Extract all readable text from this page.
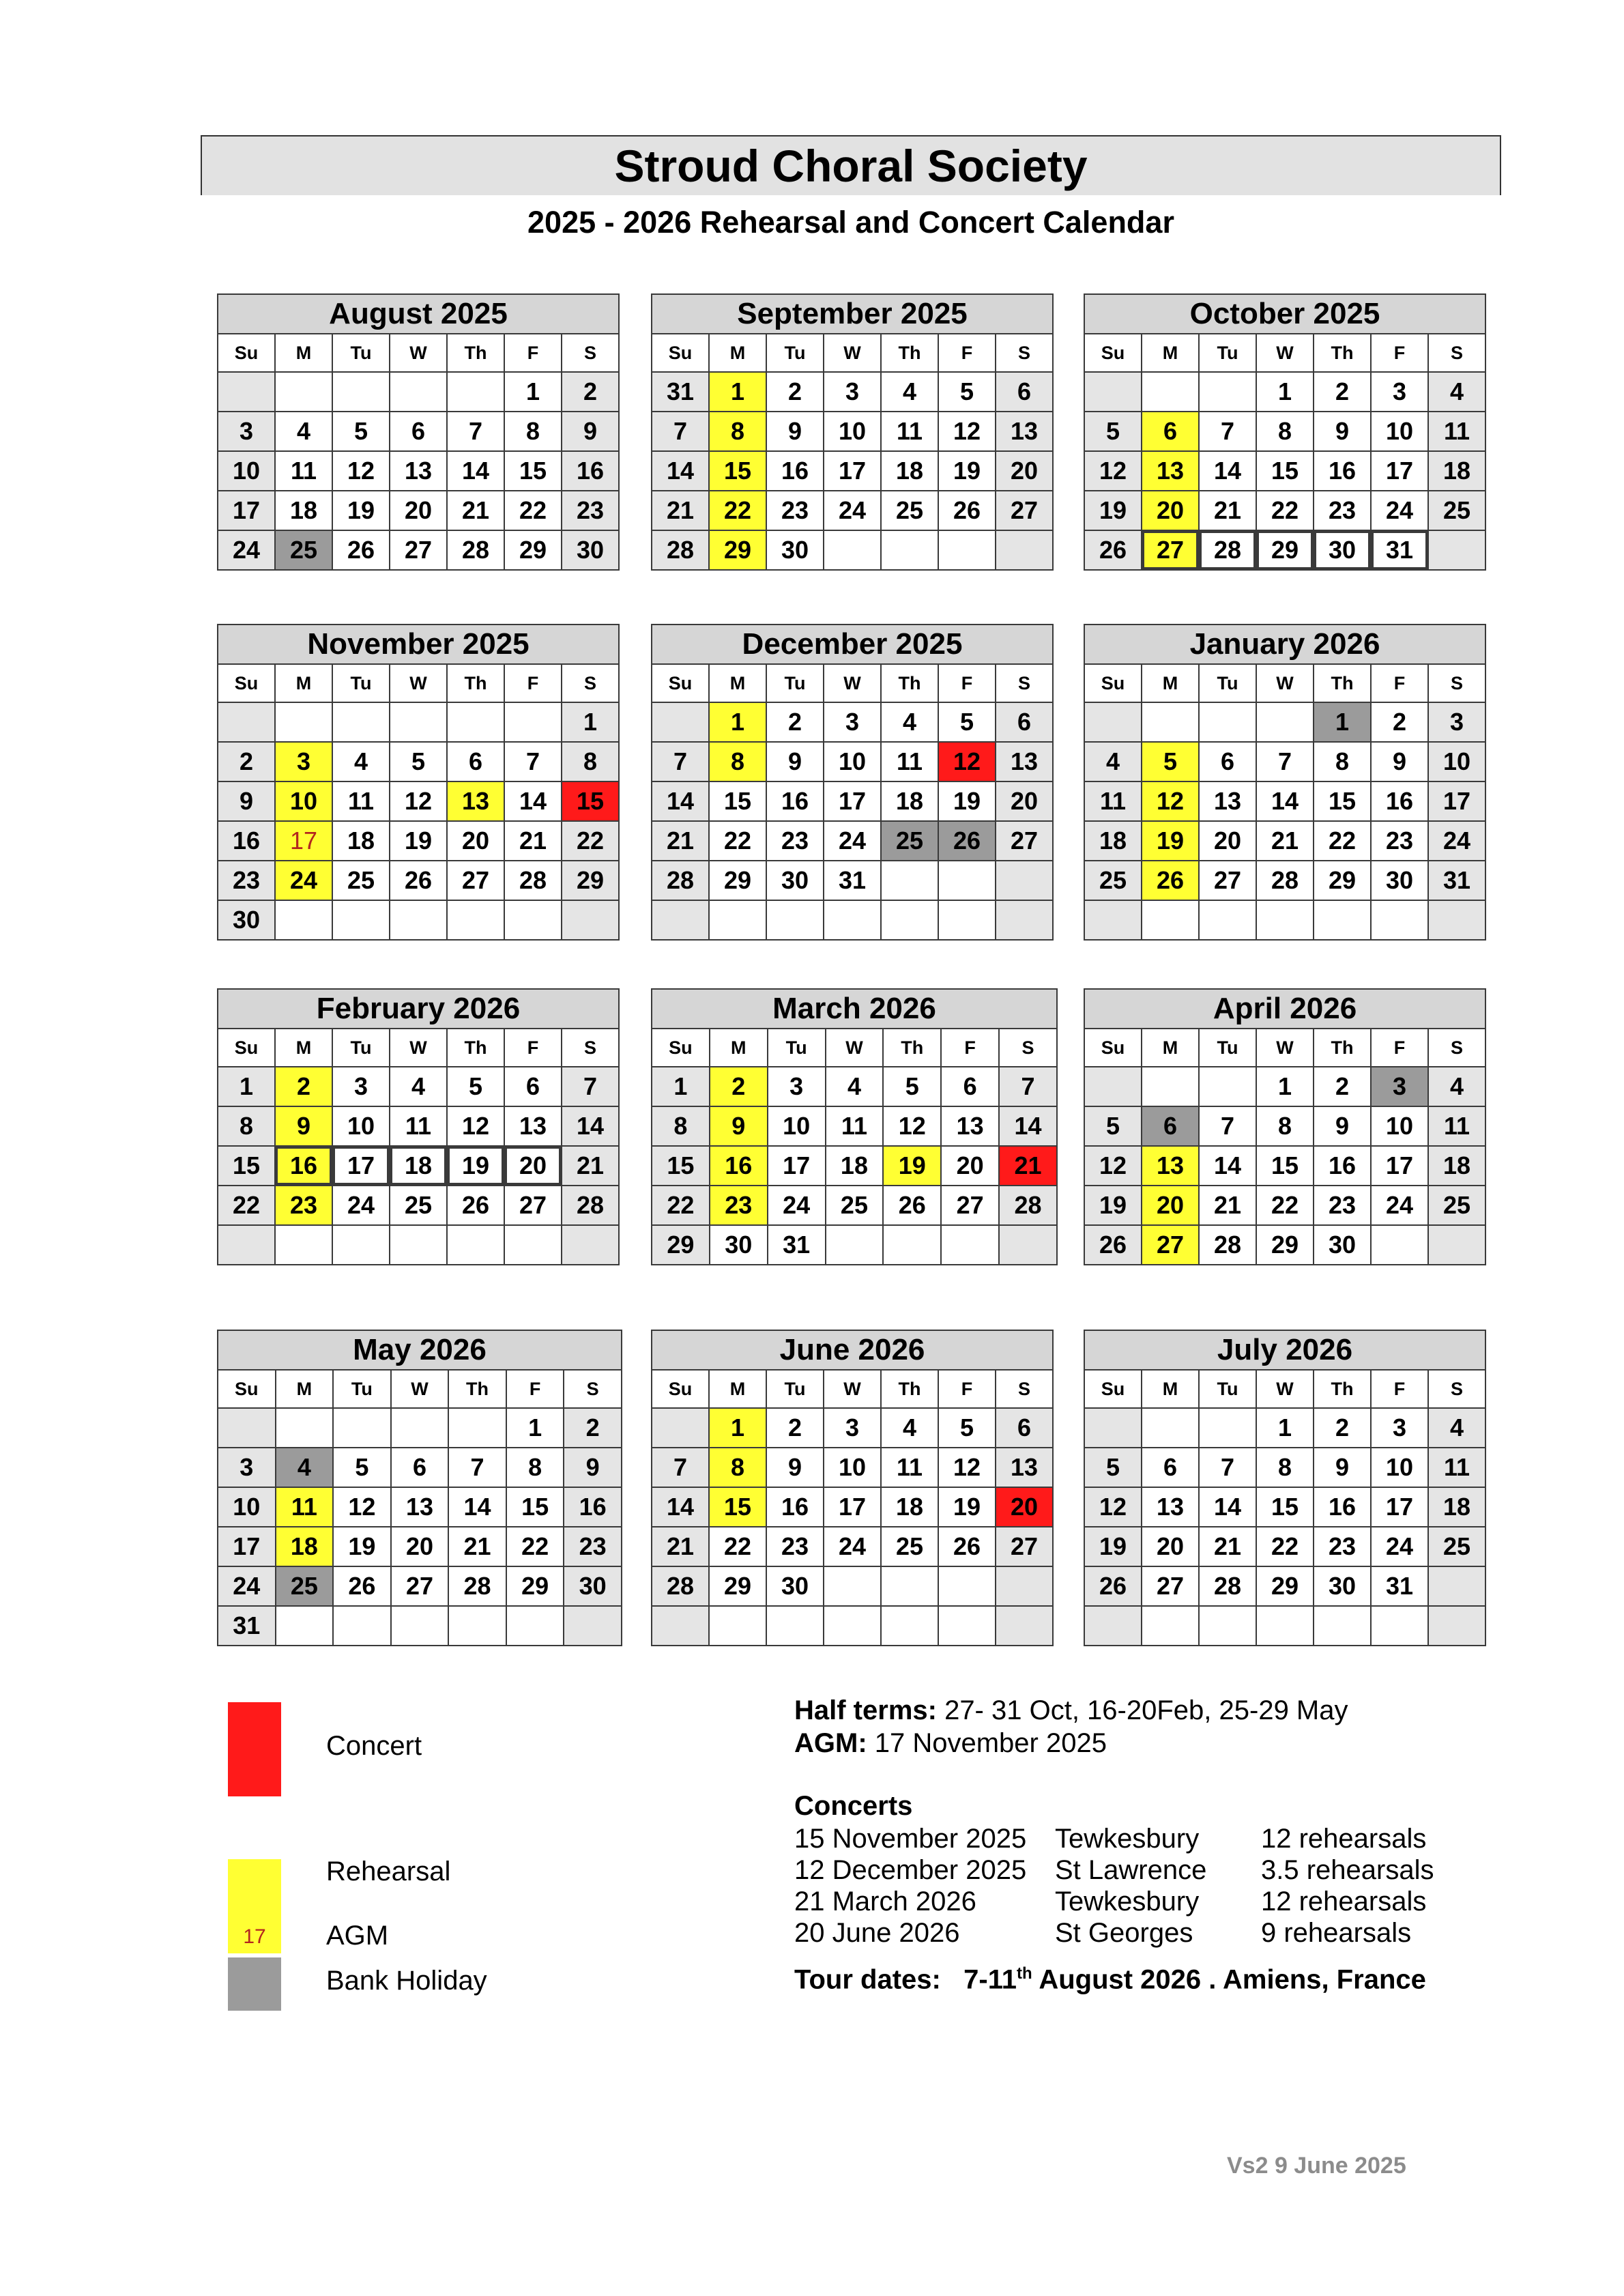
Stroud Choral Society
2025 - 2026 Rehearsal and Concert Calendar
August 2025						
Su	M	Tu	W	Th	F	S
					1	2
3	4	5	6	7	8	9
10	11	12	13	14	15	16
17	18	19	20	21	22	23
24	25	26	27	28	29	30
September 2025						
Su	M	Tu	W	Th	F	S
31	1	2	3	4	5	6
7	8	9	10	11	12	13
14	15	16	17	18	19	20
21	22	23	24	25	26	27
28	29	30				
October 2025						
Su	M	Tu	W	Th	F	S
			1	2	3	4
5	6	7	8	9	10	11
12	13	14	15	16	17	18
19	20	21	22	23	24	25
26	27	28	29	30	31	
November 2025						
Su	M	Tu	W	Th	F	S
						1
2	3	4	5	6	7	8
9	10	11	12	13	14	15
16	17	18	19	20	21	22
23	24	25	26	27	28	29
30						
December 2025						
Su	M	Tu	W	Th	F	S
	1	2	3	4	5	6
7	8	9	10	11	12	13
14	15	16	17	18	19	20
21	22	23	24	25	26	27
28	29	30	31			

January 2026						
Su	M	Tu	W	Th	F	S
				1	2	3
4	5	6	7	8	9	10
11	12	13	14	15	16	17
18	19	20	21	22	23	24
25	26	27	28	29	30	31

February 2026						
Su	M	Tu	W	Th	F	S
1	2	3	4	5	6	7
8	9	10	11	12	13	14
15	16	17	18	19	20	21
22	23	24	25	26	27	28

March 2026						
Su	M	Tu	W	Th	F	S
1	2	3	4	5	6	7
8	9	10	11	12	13	14
15	16	17	18	19	20	21
22	23	24	25	26	27	28
29	30	31				
April 2026						
Su	M	Tu	W	Th	F	S
			1	2	3	4
5	6	7	8	9	10	11
12	13	14	15	16	17	18
19	20	21	22	23	24	25
26	27	28	29	30		
May 2026						
Su	M	Tu	W	Th	F	S
					1	2
3	4	5	6	7	8	9
10	11	12	13	14	15	16
17	18	19	20	21	22	23
24	25	26	27	28	29	30
31						
June 2026						
Su	M	Tu	W	Th	F	S
	1	2	3	4	5	6
7	8	9	10	11	12	13
14	15	16	17	18	19	20
21	22	23	24	25	26	27
28	29	30				

July 2026						
Su	M	Tu	W	Th	F	S
			1	2	3	4
5	6	7	8	9	10	11
12	13	14	15	16	17	18
19	20	21	22	23	24	25
26	27	28	29	30	31	

Concert
Rehearsal
17	AGM
Bank Holiday
Half terms: 27- 31 Oct, 16-20Feb, 25-29 May
AGM: 17 November 2025
Concerts
15 November 2025 Tewkesbury 12 rehearsals
12 December 2025 St Lawrence 3.5 rehearsals
21 March 2026	Tewkesbury 12 rehearsals
20 June 2026	St Georges 9 rehearsals
Tour dates: 7-11th August 2026 . Amiens, France
Vs2 9 June 2025
